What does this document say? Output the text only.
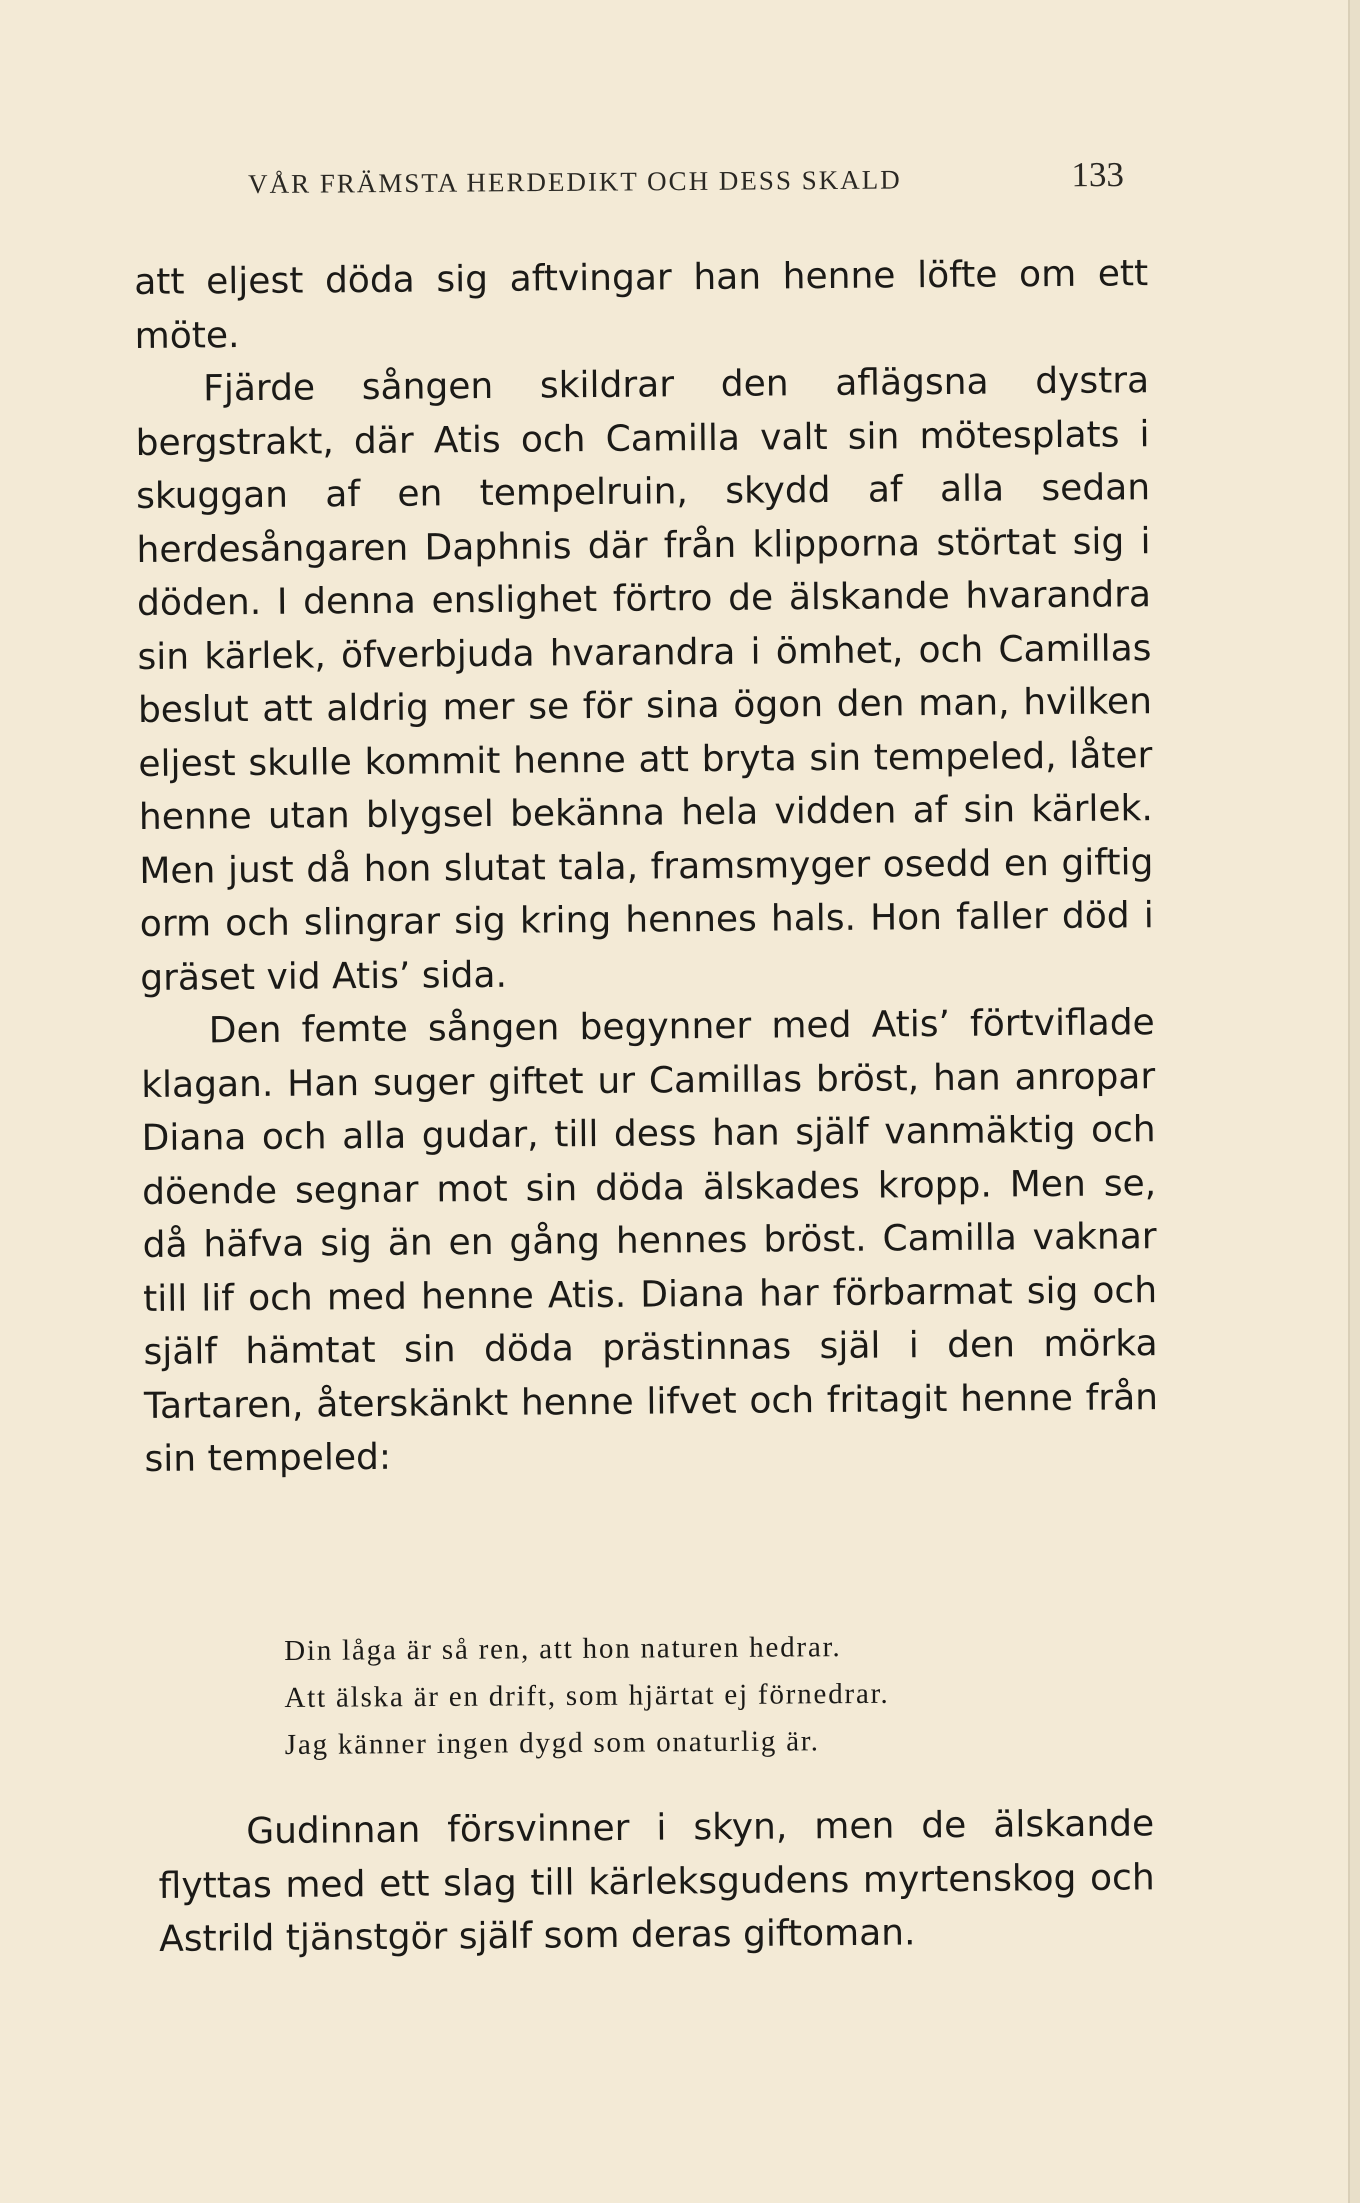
VÅR FRÄMSTA HERDEDIKT OCH DESS SKALD	133

att eljest döda sig aftvingar han henne löfte om ett möte.

Fjärde sången skildrar den aflägsna dystra bergstrakt, där Atis och Camilla valt sin mötesplats i skuggan af en tempelruin, skydd af alla sedan herdesångaren Daphnis där från klipporna störtat sig i döden. I denna enslighet förtro de älskande hvarandra sin kärlek, öfverbjuda hvarandra i ömhet, och Camillas beslut att aldrig mer se för sina ögon den man, hvilken eljest skulle kommit henne att bryta sin tempeled, låter henne utan blygsel bekänna hela vidden af sin kärlek. Men just då hon slutat tala, framsmyger osedd en giftig orm och slingrar sig kring hennes hals. Hon faller död i gräset vid Atis’ sida.

Den femte sången begynner med Atis’ förtvifladе klagan. Han suger giftet ur Camillas bröst, han anropar Diana och alla gudar, till dess han själf vanmäktig och döende segnar mot sin döda älskades kropp. Men se, då häfva sig än en gång hennes bröst. Camilla vaknar till lif och med henne Atis. Diana har förbarmat sig och själf hämtat sin döda prästinnas själ i den mörka Tartaren, återskänkt henne lifvet och fritagit henne från sin tempeled:

Din låga är så ren, att hon naturen hedrar.
Att älska är en drift, som hjärtat ej förnedrar.
Jag känner ingen dygd som onaturlig är.

Gudinnan försvinner i skyn, men de älskande flyttas med ett slag till kärleksgudens myrtenskog och Astrild tjänstgör själf som deras giftoman.
